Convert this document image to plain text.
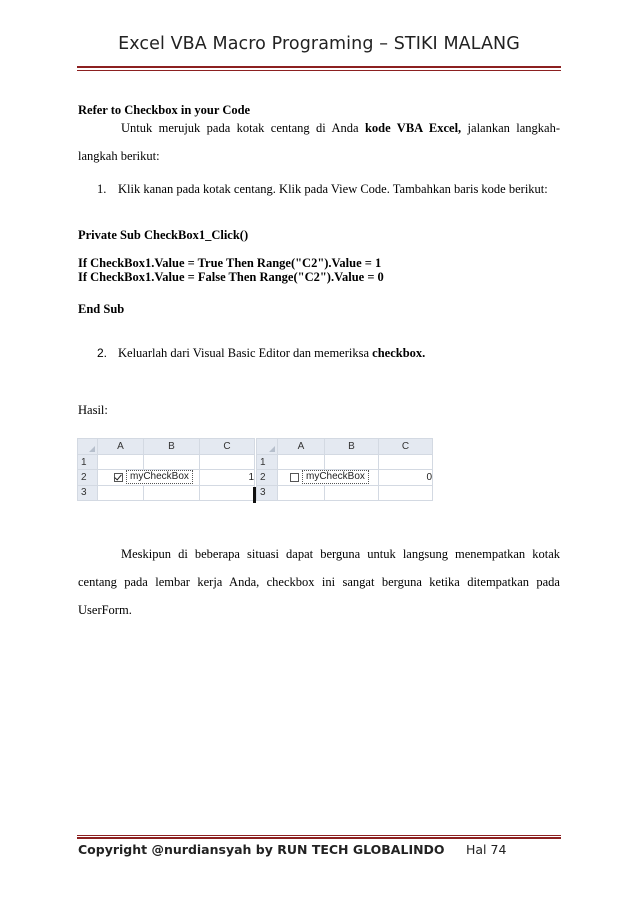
Excel VBA Macro Programing – STIKI MALANG
Refer to Checkbox in your Code
Untuk merujuk pada kotak centang di Anda kode VBA Excel, jalankan langkah-
langkah berikut:
1. Klik kanan pada kotak centang. Klik pada View Code. Tambahkan baris kode berikut:
Private Sub CheckBox1_Click()
If CheckBox1.Value = True Then Range("C2").Value = 1
If CheckBox1.Value = False Then Range("C2").Value = 0
End Sub
2. Keluarlah dari Visual Basic Editor dan memeriksa checkbox.
Hasil:
	A	B	C
1			
2	myCheckBox		1
3			
	A	B	C
1			
2	myCheckBox		0
3			
Meskipun di beberapa situasi dapat berguna untuk langsung menempatkan kotak
centang pada lembar kerja Anda, checkbox ini sangat berguna ketika ditempatkan pada
UserForm.
Copyright @nurdiansyah by RUN TECH GLOBALINDO Hal 74
